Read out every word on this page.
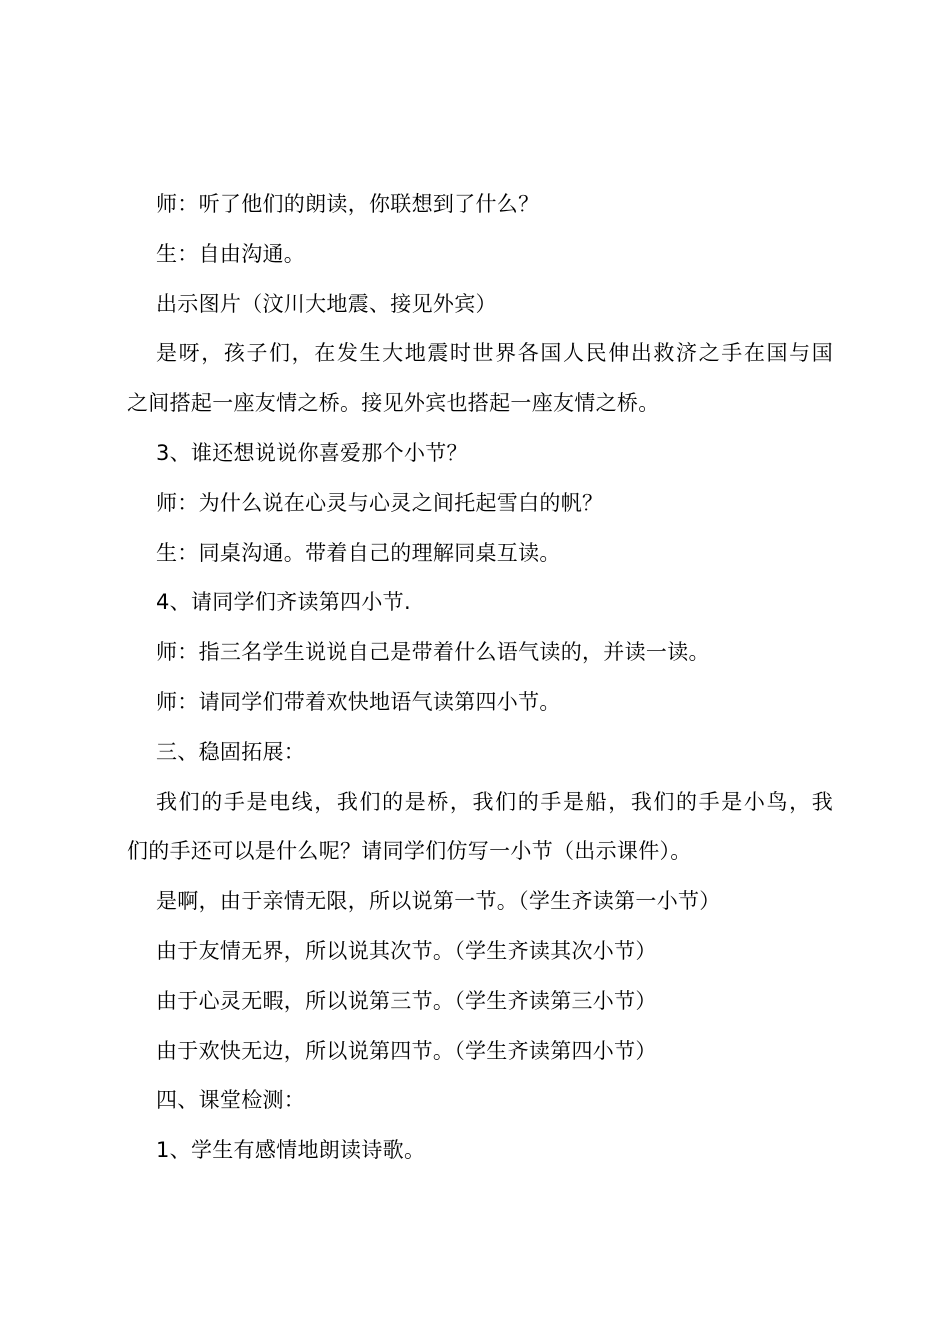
师：听了他们的朗读，你联想到了什么？
生：自由沟通。
出示图片（汶川大地震、接见外宾）
是呀，孩子们，在发生大地震时世界各国人民伸出救济之手在国与国
之间搭起一座友情之桥。接见外宾也搭起一座友情之桥。
3、谁还想说说你喜爱那个小节？
师：为什么说在心灵与心灵之间托起雪白的帆？
生：同桌沟通。带着自己的理解同桌互读。
4、请同学们齐读第四小节.
师：指三名学生说说自己是带着什么语气读的，并读一读。
师：请同学们带着欢快地语气读第四小节。
三、稳固拓展：
我们的手是电线，我们的是桥，我们的手是船，我们的手是小鸟，我
们的手还可以是什么呢？请同学们仿写一小节（出示课件）。
是啊，由于亲情无限，所以说第一节。（学生齐读第一小节）
由于友情无界，所以说其次节。（学生齐读其次小节）
由于心灵无暇，所以说第三节。（学生齐读第三小节）
由于欢快无边，所以说第四节。（学生齐读第四小节）
四、课堂检测：
1、学生有感情地朗读诗歌。
